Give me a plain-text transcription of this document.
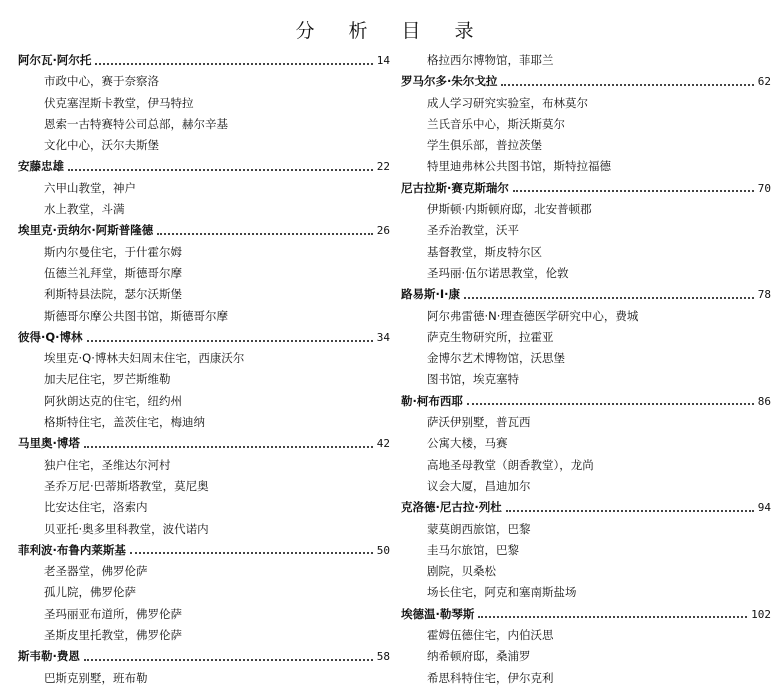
分 析 目 录
阿尔瓦·阿尔托	14
市政中心，赛于奈察洛
伏克塞涅斯卡教堂，伊马特拉
恩索一古特赛特公司总部，赫尔辛基
文化中心，沃尔夫斯堡
安藤忠雄	22
六甲山教堂，神户
水上教堂，斗满
埃里克·贡纳尔·阿斯普隆德	26
斯内尔曼住宅，于什霍尔姆
伍德兰礼拜堂，斯德哥尔摩
利斯特县法院，瑟尔沃斯堡
斯德哥尔摩公共图书馆，斯德哥尔摩
彼得·Q·博林	34
埃里克·Q·博林夫妇周末住宅，西康沃尔
加夫尼住宅，罗芒斯维勒
阿狄朗达克的住宅，纽约州
格斯特住宅，盖茨住宅，梅迪纳
马里奥·博塔	42
独户住宅，圣维达尔河村
圣乔万尼·巴蒂斯塔教堂，莫尼奥
比安达住宅，洛索内
贝亚托·奥多里科教堂，波代诺内
菲利波·布鲁内莱斯基	50
老圣器堂，佛罗伦萨
孤儿院，佛罗伦萨
圣玛丽亚布道所，佛罗伦萨
圣斯皮里托教堂，佛罗伦萨
斯韦勒·费恩	58
巴斯克别墅，班布勒
格拉西尔博物馆，菲耶兰
罗马尔多·朱尔戈拉	62
成人学习研究实验室，布林莫尔
兰氏音乐中心，斯沃斯莫尔
学生俱乐部，普拉茨堡
特里迪弗林公共图书馆，斯特拉福德
尼古拉斯·赛克斯瑞尔	70
伊斯顿·内斯顿府邸，北安普顿郡
圣乔治教堂，沃平
基督教堂，斯皮特尔区
圣玛丽·伍尔诺思教堂，伦敦
路易斯·I·康	78
阿尔弗雷德·N·理查德医学研究中心，费城
萨克生物研究所，拉霍亚
金博尔艺术博物馆，沃思堡
图书馆，埃克塞特
勒·柯布西耶	86
萨沃伊别墅，普瓦西
公寓大楼，马赛
高地圣母教堂（朗香教堂），龙尚
议会大厦，昌迪加尔
克洛德·尼古拉·列杜	94
蒙莫朗西旅馆，巴黎
圭马尔旅馆，巴黎
剧院，贝桑松
场长住宅，阿克和塞南斯盐场
埃德温·勒琴斯	102
霍姆伍德住宅，内伯沃思
纳希顿府邸，桑浦罗
希思科特住宅，伊尔克利
